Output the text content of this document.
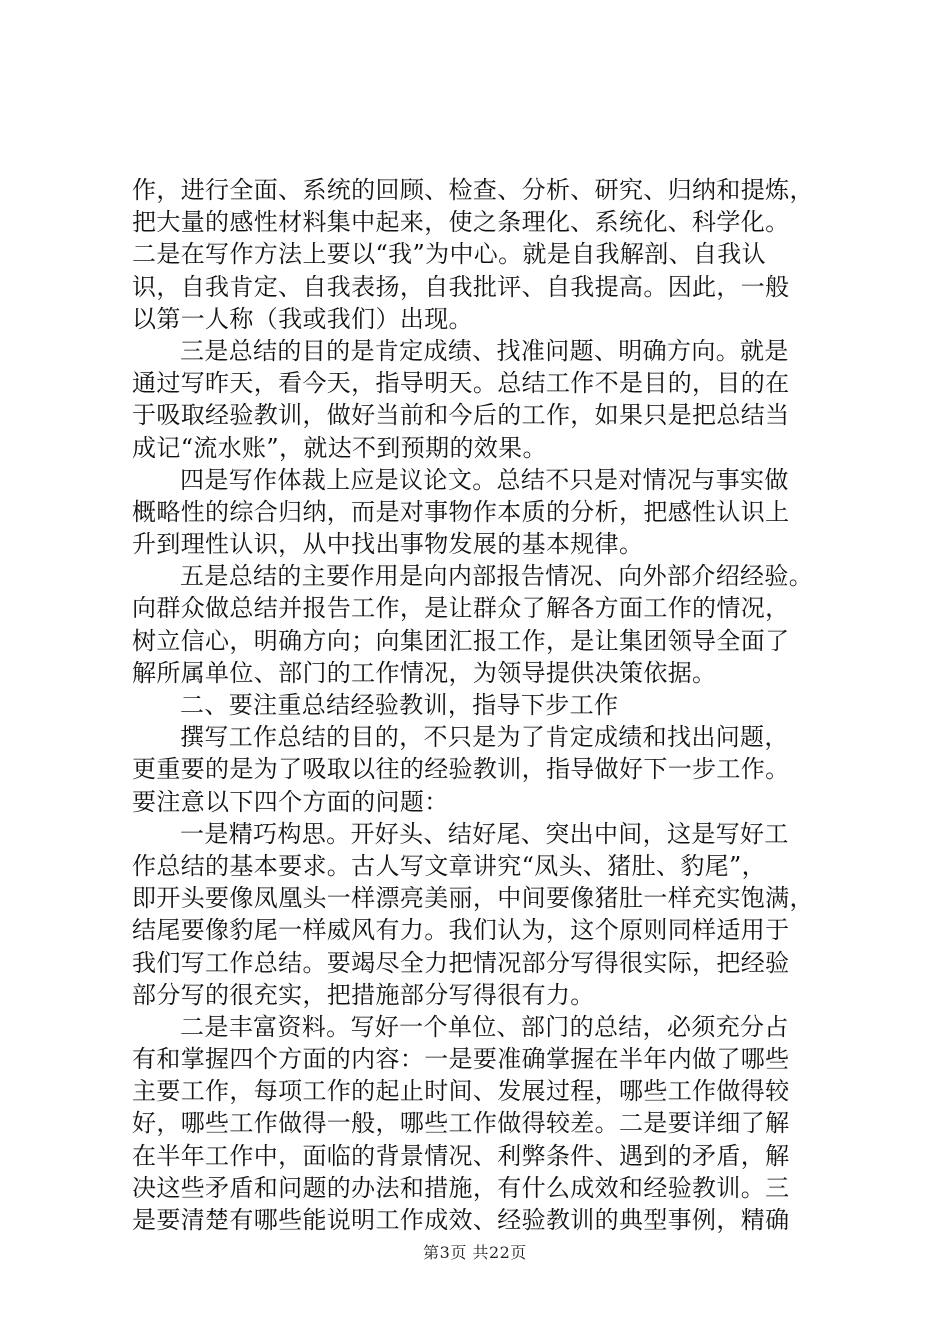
作，进行全面、系统的回顾、检查、分析、研究、归纳和提炼，
把大量的感性材料集中起来，使之条理化、系统化、科学化。
二是在写作方法上要以“我”为中心。就是自我解剖、自我认
识，自我肯定、自我表扬，自我批评、自我提高。因此，一般
以第一人称（我或我们）出现。
三是总结的目的是肯定成绩、找准问题、明确方向。就是
通过写昨天，看今天，指导明天。总结工作不是目的，目的在
于吸取经验教训，做好当前和今后的工作，如果只是把总结当
成记“流水账”，就达不到预期的效果。
四是写作体裁上应是议论文。总结不只是对情况与事实做
概略性的综合归纳，而是对事物作本质的分析，把感性认识上
升到理性认识，从中找出事物发展的基本规律。
五是总结的主要作用是向内部报告情况、向外部介绍经验。
向群众做总结并报告工作，是让群众了解各方面工作的情况，
树立信心，明确方向；向集团汇报工作，是让集团领导全面了
解所属单位、部门的工作情况，为领导提供决策依据。
二、要注重总结经验教训，指导下步工作
撰写工作总结的目的，不只是为了肯定成绩和找出问题，
更重要的是为了吸取以往的经验教训，指导做好下一步工作。
要注意以下四个方面的问题：
一是精巧构思。开好头、结好尾、突出中间，这是写好工
作总结的基本要求。古人写文章讲究“凤头、猪肚、豹尾”，
即开头要像凤凰头一样漂亮美丽，中间要像猪肚一样充实饱满，
结尾要像豹尾一样威风有力。我们认为，这个原则同样适用于
我们写工作总结。要竭尽全力把情况部分写得很实际，把经验
部分写的很充实，把措施部分写得很有力。
二是丰富资料。写好一个单位、部门的总结，必须充分占
有和掌握四个方面的内容：一是要准确掌握在半年内做了哪些
主要工作，每项工作的起止时间、发展过程，哪些工作做得较
好，哪些工作做得一般，哪些工作做得较差。二是要详细了解
在半年工作中，面临的背景情况、利弊条件、遇到的矛盾，解
决这些矛盾和问题的办法和措施，有什么成效和经验教训。三
是要清楚有哪些能说明工作成效、经验教训的典型事例，精确
第3页 共22页
